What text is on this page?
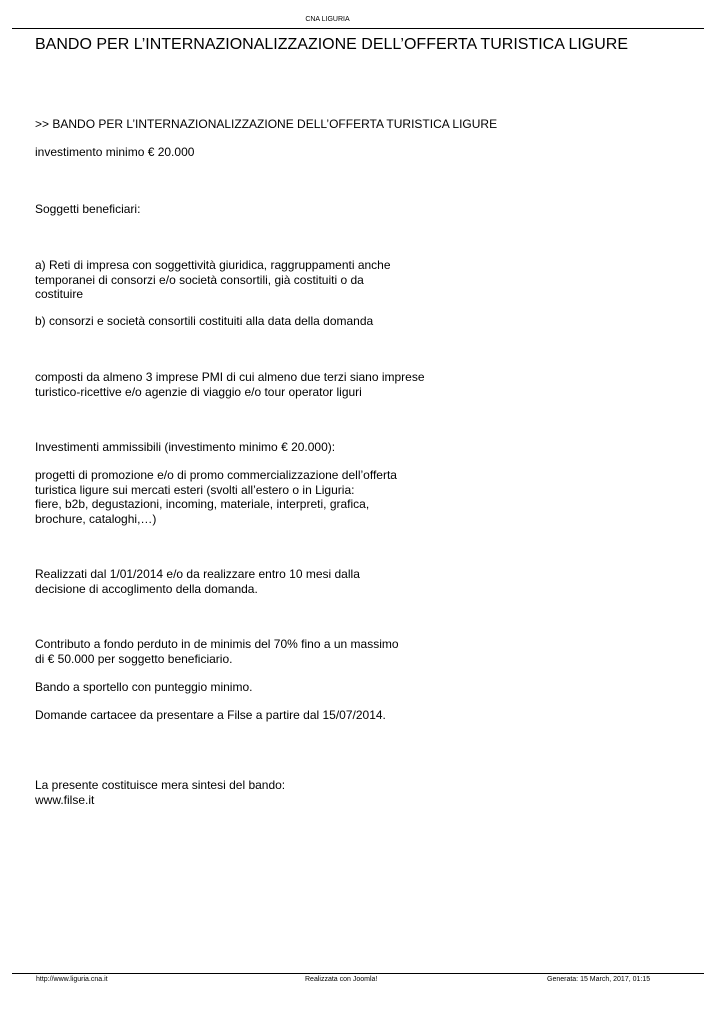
CNA LIGURIA
BANDO PER L’INTERNAZIONALIZZAZIONE DELL’OFFERTA TURISTICA LIGURE

>> BANDO PER L’INTERNAZIONALIZZAZIONE DELL’OFFERTA TURISTICA LIGURE

investimento minimo € 20.000

Soggetti beneficiari:

a) Reti di impresa con soggettività giuridica, raggruppamenti anche
temporanei di consorzi e/o società consortili, già costituiti o da
costituire

b) consorzi e società consortili costituiti alla data della domanda

composti da almeno 3 imprese PMI di cui almeno due terzi siano imprese
turistico-ricettive e/o agenzie di viaggio e/o tour operator liguri

Investimenti ammissibili (investimento minimo € 20.000):

progetti di promozione e/o di promo commercializzazione dell’offerta
turistica ligure sui mercati esteri (svolti all’estero o in Liguria:
fiere, b2b, degustazioni, incoming, materiale, interpreti, grafica,
brochure, cataloghi,…)

Realizzati dal 1/01/2014 e/o da realizzare entro 10 mesi dalla
decisione di accoglimento della domanda.

Contributo a fondo perduto in de minimis del 70% fino a un massimo
di € 50.000 per soggetto beneficiario.

Bando a sportello con punteggio minimo.

Domande cartacee da presentare a Filse a partire dal 15/07/2014.

La presente costituisce mera sintesi del bando:
www.filse.it

http://www.liguria.cna.it	Realizzata con Joomla!	Generata: 15 March, 2017, 01:15
